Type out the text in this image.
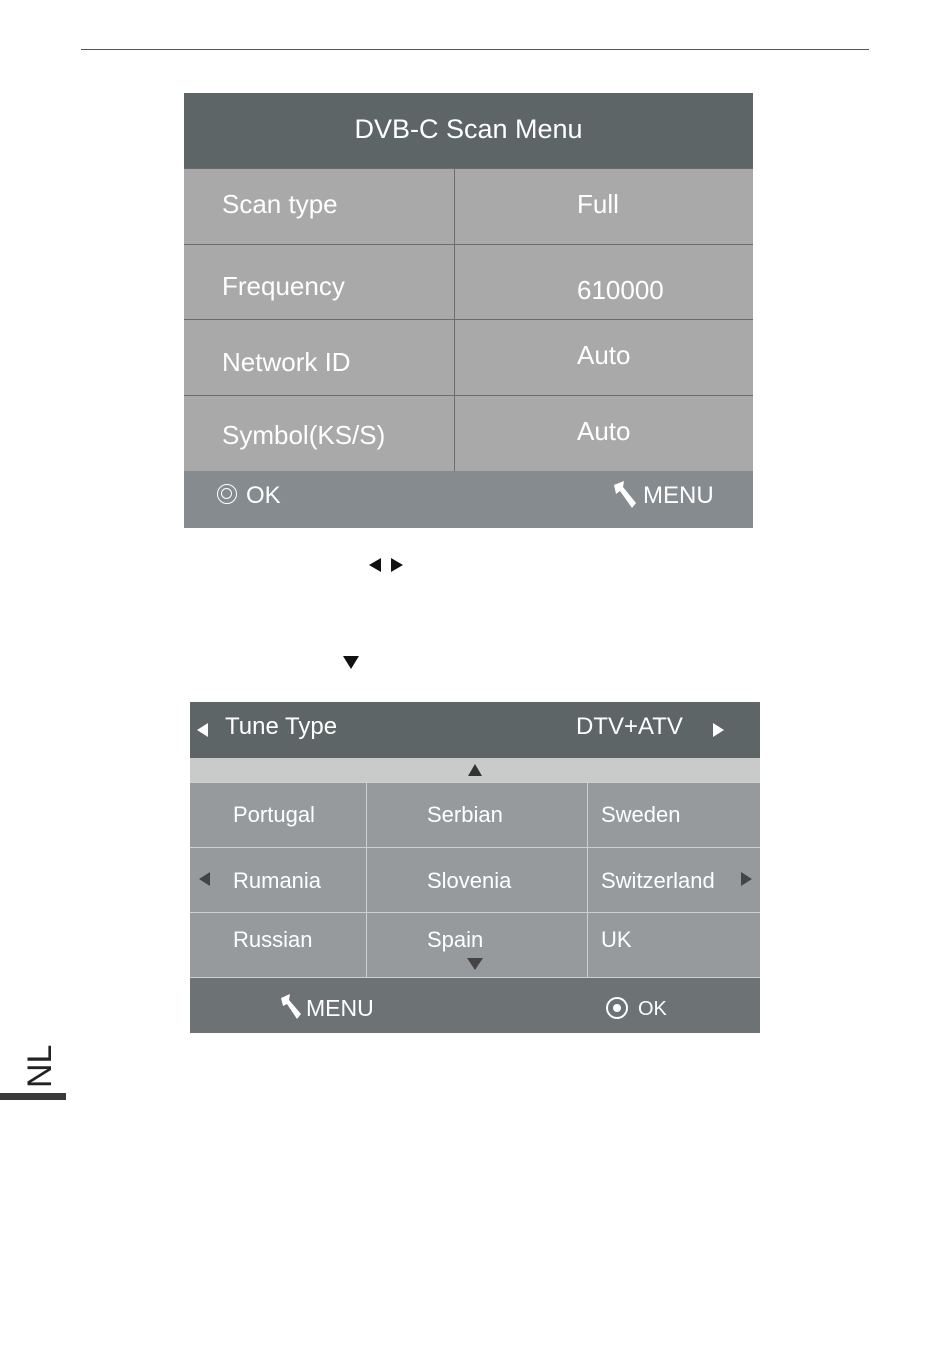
DVB-C Scan Menu
Scan type	Full
Frequency	610000
Network ID	Auto
Symbol(KS/S)	Auto
OK	MENU
Tune Type	DTV+ATV
Portugal	Serbian	Sweden
Rumania	Slovenia	Switzerland
Russian	Spain	UK
MENU	OK
NL
